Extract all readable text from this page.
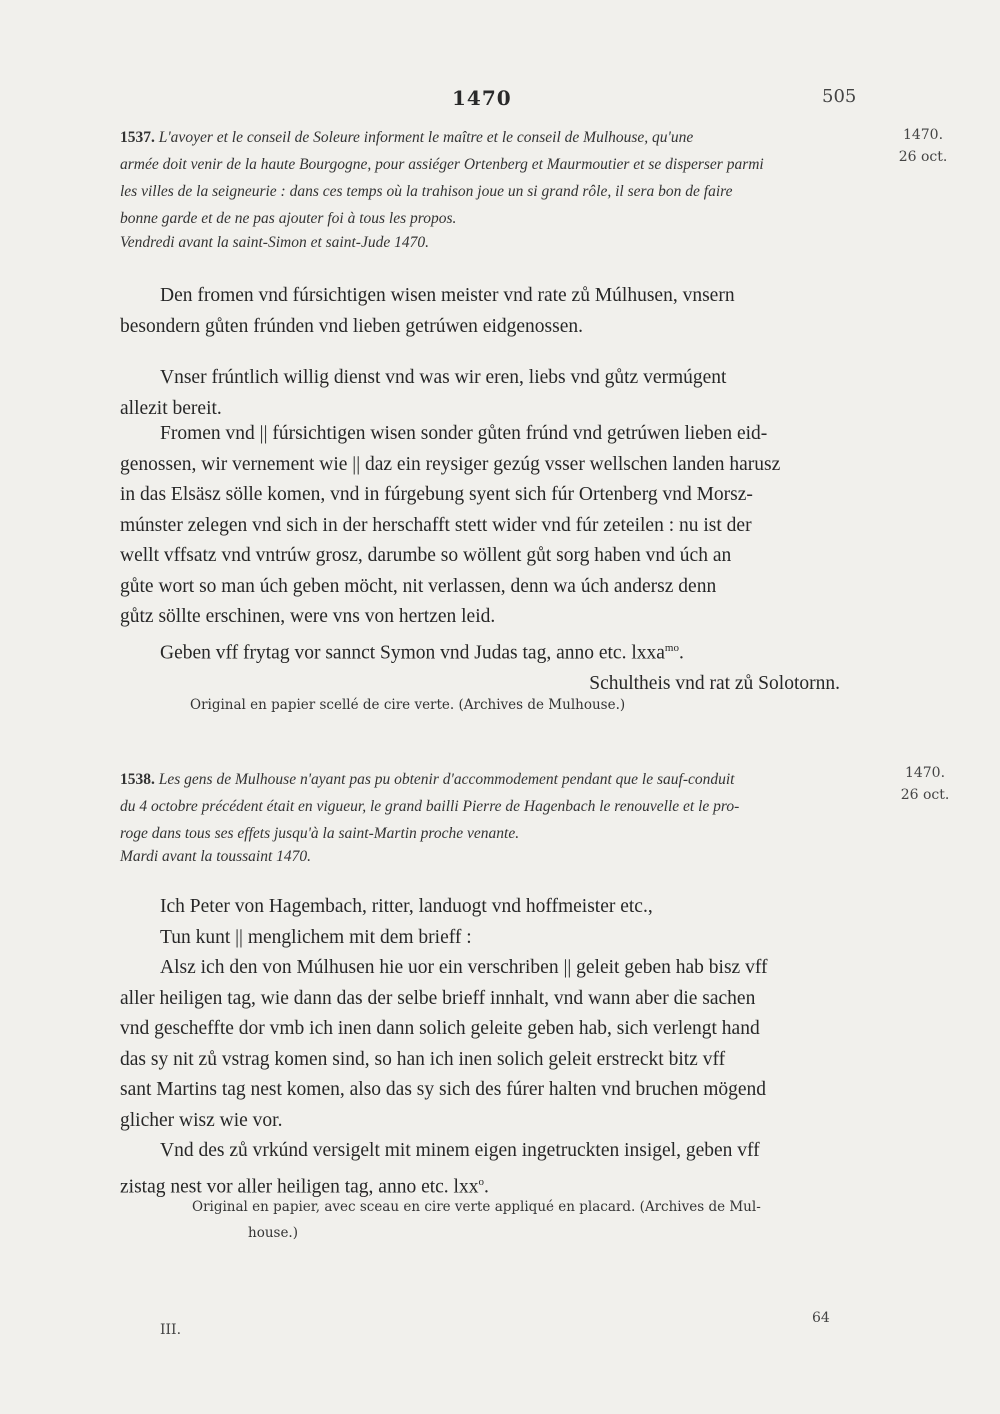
1470	505
1470.
26 oct.
1537. L'avoyer et le conseil de Soleure informent le maître et le conseil de Mulhouse, qu'une
armée doit venir de la haute Bourgogne, pour assiéger Ortenberg et Maurmoutier et se disperser parmi
les villes de la seigneurie : dans ces temps où la trahison joue un si grand rôle, il sera bon de faire
bonne garde et de ne pas ajouter foi à tous les propos.
Vendredi avant la saint-Simon et saint-Jude 1470.
Den fromen vnd fúrsichtigen wisen meister vnd rate zů Múlhusen, vnsern
besondern gůten frúnden vnd lieben getrúwen eidgenossen.
Vnser frúntlich willig dienst vnd was wir eren, liebs vnd gůtz vermúgent
allezit bereit.
Fromen vnd || fúrsichtigen wisen sonder gůten frúnd vnd getrúwen lieben eid-
genossen, wir vernement wie || daz ein reysiger gezúg vsser wellschen landen harusz
in das Elsäsz sölle komen, vnd in fúrgebung syent sich fúr Ortenberg vnd Morsz-
múnster zelegen vnd sich in der herschafft stett wider vnd fúr zeteilen : nu ist der
wellt vffsatz vnd vntrúw grosz, darumbe so wöllent gůt sorg haben vnd úch an
gůte wort so man úch geben möcht, nit verlassen, denn wa úch andersz denn
gůtz söllte erschinen, were vns von hertzen leid.
Geben vff frytag vor sannct Symon vnd Judas tag, anno etc. lxxa$^{mo}$.
Schultheis vnd rat zů Solotornn.
Original en papier scellé de cire verte. (Archives de Mulhouse.)
1470.
26 oct.
1538. Les gens de Mulhouse n'ayant pas pu obtenir d'accommodement pendant que le sauf-conduit
du 4 octobre précédent était en vigueur, le grand bailli Pierre de Hagenbach le renouvelle et le pro-
roge dans tous ses effets jusqu'à la saint-Martin proche venante.
Mardi avant la toussaint 1470.
Ich Peter von Hagembach, ritter, landuogt vnd hoffmeister etc.,
Tun kunt || menglichem mit dem brieff :
Alsz ich den von Múlhusen hie uor ein verschriben || geleit geben hab bisz vff
aller heiligen tag, wie dann das der selbe brieff innhalt, vnd wann aber die sachen
vnd gescheffte dor vmb ich inen dann solich geleite geben hab, sich verlengt hand
das sy nit zů vstrag komen sind, so han ich inen solich geleit erstreckt bitz vff
sant Martins tag nest komen, also das sy sich des fúrer halten vnd bruchen mögend
glicher wisz wie vor.
Vnd des zů vrkúnd versigelt mit minem eigen ingetruckten insigel, geben vff
zistag nest vor aller heiligen tag, anno etc. lxx$^o$.
Original en papier, avec sceau en cire verte appliqué en placard. (Archives de Mul-
house.)
III.
64
